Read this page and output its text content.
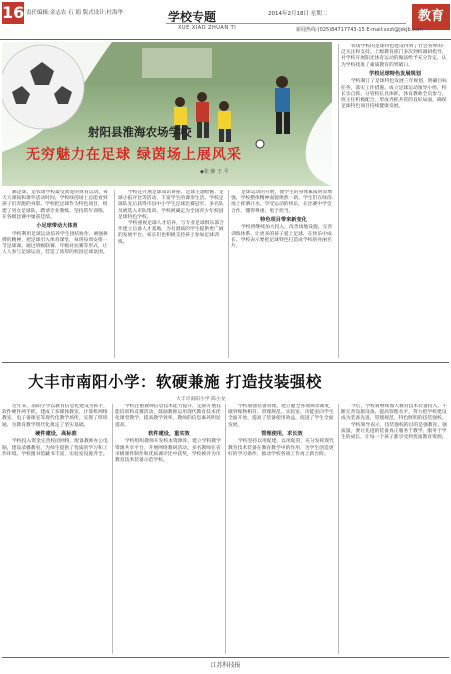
16 责任编辑:金志农 石 娟 版式设计:杜海华	学校专题
XUE XIAO ZHUAN TI
2014年2月18日 星期二	教育
新闻热线:(025)84717743-15 E-mail:xxzt@jskjb.com
射阳县淮海农场学校
无穷魅力在足球 绿茵场上展风采
◆张 静 王 平

踢足球，是农场学校最受欢迎的体育运动。每天大课间和课外活动时间，学校绿茵场上总能看到孩子们奔跑的身影。学校把足球作为特色项目，组建了男女足球队，聘请专业教练，坚持常年训练，在各级比赛中屡获佳绩。

小足球带动大体育

学校利用足球运动培养学生团结协作、顽强拼搏的精神，把足球引入体育课堂，每班每周安排一节足球课。通过班级联赛、年级对抗赛等形式，让人人参与足球运动，营造了浓厚的校园足球氛围。

学校还开展足球知识讲座、足球主题绘画、足球小报评比等活动，丰富学生的课余生活。学校足球队先后获得市县中小学生足球比赛冠军，多名队员被选入市队集训。学校被确定为全国青少年校园足球特色学校。

学校重视足球人才培养，与专业足球俱乐部合作建立后备人才基地，为有潜质的学生提供更广阔的发展平台。家长们也积极支持孩子参加足球训练。

足球运动的开展，使学生的身体素质明显增强，学校整体精神面貌焕然一新。学生们在绿茵场上挥洒汗水，享受运动的快乐，在比赛中学会合作、懂得尊重、勇于担当。

特色项目带来新变化

学校将继续加大投入，改善场地设施，完善训练体系，让更多的孩子爱上足球，在快乐中成长。学校表示要把足球特色打造成学校的亮丽名片。

农场学校的足球特色建设得到了社会各界的广泛关注和支持。上级教育部门多次到校调研指导，对学校开展阳光体育运动的做法给予充分肯定，认为学校找准了素质教育的突破口。

学校足球特色发展规划

学校制订了足球特色发展三年规划，明确目标任务，落实工作措施。成立足球运动领导小组，校长亲自抓，分管校长具体抓，体育教师全员参与，班主任积极配合，形成齐抓共管的良好局面，确保足球特色项目持续健康发展。

大丰市南阳小学：软硬兼施 打造技装强校
大丰市南阳小学 陈小龙

近年来，南阳小学以教育信息化建设为抓手，软件硬件两手抓，建成了多媒体教室、计算机网络教室、电子备课室等现代化教学场所，实现了班班通，为教育教学现代化奠定了坚实基础。

硬件建设，高标准

学校投入资金完善校园网络，配备教师办公电脑，建设录播教室，为师生提供了优质的学习和工作环境。学校图书馆藏书丰富，实验室设施齐全。

学校注重教师信息技术能力提升，定期开展技能培训和竞赛活动，鼓励教师运用现代教育技术优化课堂教学，提高教学效率。教师的信息素养明显提高。

软件建设，重实效

学校组织教师开发校本资源库，建立学科教学资源共享平台，开展网络教研活动。多名教师在省市级课件制作和优质课评比中获奖，学校被评为市教育技术装备示范学校。

学校加强装备管理，建立健全各项规章制度，做到账物相符、管理规范。实验室、功能室向学生全面开放，提高了装备使用效益，促进了学生全面发展。

管理使用，求长效

学校坚持以用促建、以用促管，充分发挥现代教育技术装备在教育教学中的作用，为学生创造更好的学习条件，推动学校各项工作再上新台阶。

今后，学校将继续加大教育技术装备投入，不断完善设施设备，提高管理水平，努力把学校建设成为装备先进、管理规范、特色鲜明的技装强校。

学校领导表示，技装强校的目的是强教育、强质量，要让先进的装备真正服务于教学，服务于学生的成长，让每一个孩子都享受到优质教育资源。

江苏科技报
